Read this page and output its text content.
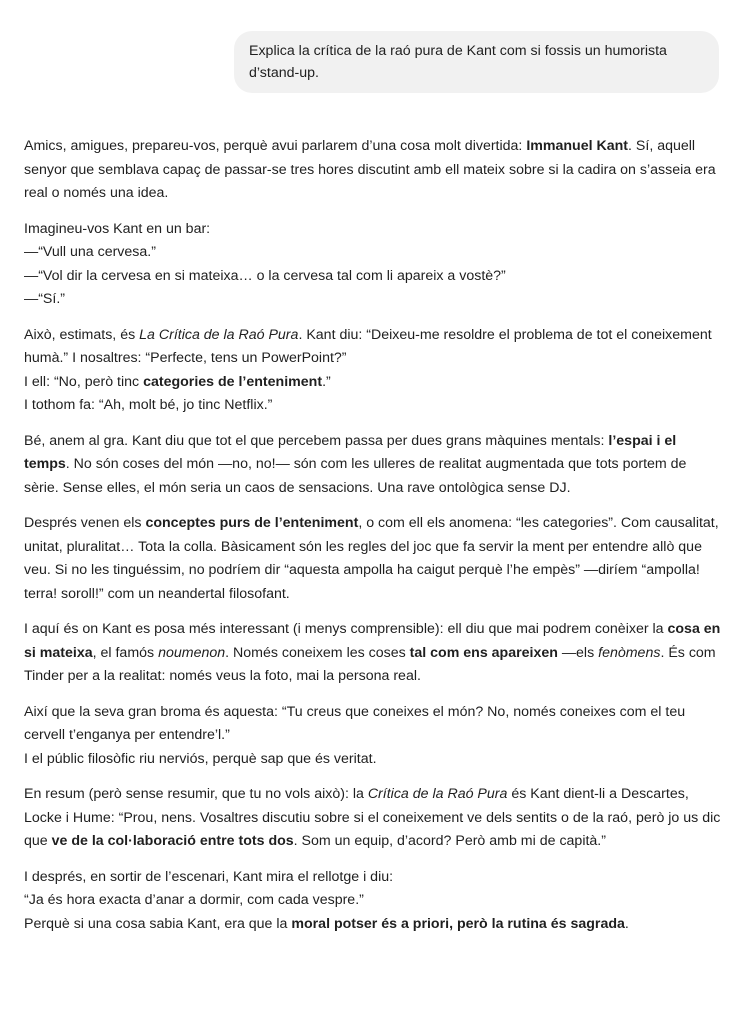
Explica la crítica de la raó pura de Kant com si fossis un humorista d’stand-up.

Amics, amigues, prepareu-vos, perquè avui parlarem d’una cosa molt divertida: Immanuel Kant. Sí, aquell senyor que semblava capaç de passar-se tres hores discutint amb ell mateix sobre si la cadira on s’asseia era real o només una idea.

Imagineu-vos Kant en un bar:
—“Vull una cervesa.”
—“Vol dir la cervesa en si mateixa… o la cervesa tal com li apareix a vostè?”
—“Sí.”

Això, estimats, és La Crítica de la Raó Pura. Kant diu: “Deixeu-me resoldre el problema de tot el coneixement humà.” I nosaltres: “Perfecte, tens un PowerPoint?”
I ell: “No, però tinc categories de l’enteniment.”
I tothom fa: “Ah, molt bé, jo tinc Netflix.”

Bé, anem al gra. Kant diu que tot el que percebem passa per dues grans màquines mentals: l’espai i el temps. No són coses del món —no, no!— són com les ulleres de realitat augmentada que tots portem de sèrie. Sense elles, el món seria un caos de sensacions. Una rave ontològica sense DJ.

Després venen els conceptes purs de l’enteniment, o com ell els anomena: “les categories”. Com causalitat, unitat, pluralitat… Tota la colla. Bàsicament són les regles del joc que fa servir la ment per entendre allò que veu. Si no les tinguéssim, no podríem dir “aquesta ampolla ha caigut perquè l’he empès” —diríem “ampolla! terra! soroll!” com un neandertal filosofant.

I aquí és on Kant es posa més interessant (i menys comprensible): ell diu que mai podrem conèixer la cosa en si mateixa, el famós noumenon. Només coneixem les coses tal com ens apareixen —els fenòmens. És com Tinder per a la realitat: només veus la foto, mai la persona real.

Així que la seva gran broma és aquesta: “Tu creus que coneixes el món? No, només coneixes com el teu cervell t’enganya per entendre’l.”
I el públic filosòfic riu nerviós, perquè sap que és veritat.

En resum (però sense resumir, que tu no vols això): la Crítica de la Raó Pura és Kant dient-li a Descartes, Locke i Hume: “Prou, nens. Vosaltres discutiu sobre si el coneixement ve dels sentits o de la raó, però jo us dic que ve de la col·laboració entre tots dos. Som un equip, d’acord? Però amb mi de capità.”

I després, en sortir de l’escenari, Kant mira el rellotge i diu:
“Ja és hora exacta d’anar a dormir, com cada vespre.”
Perquè si una cosa sabia Kant, era que la moral potser és a priori, però la rutina és sagrada.
